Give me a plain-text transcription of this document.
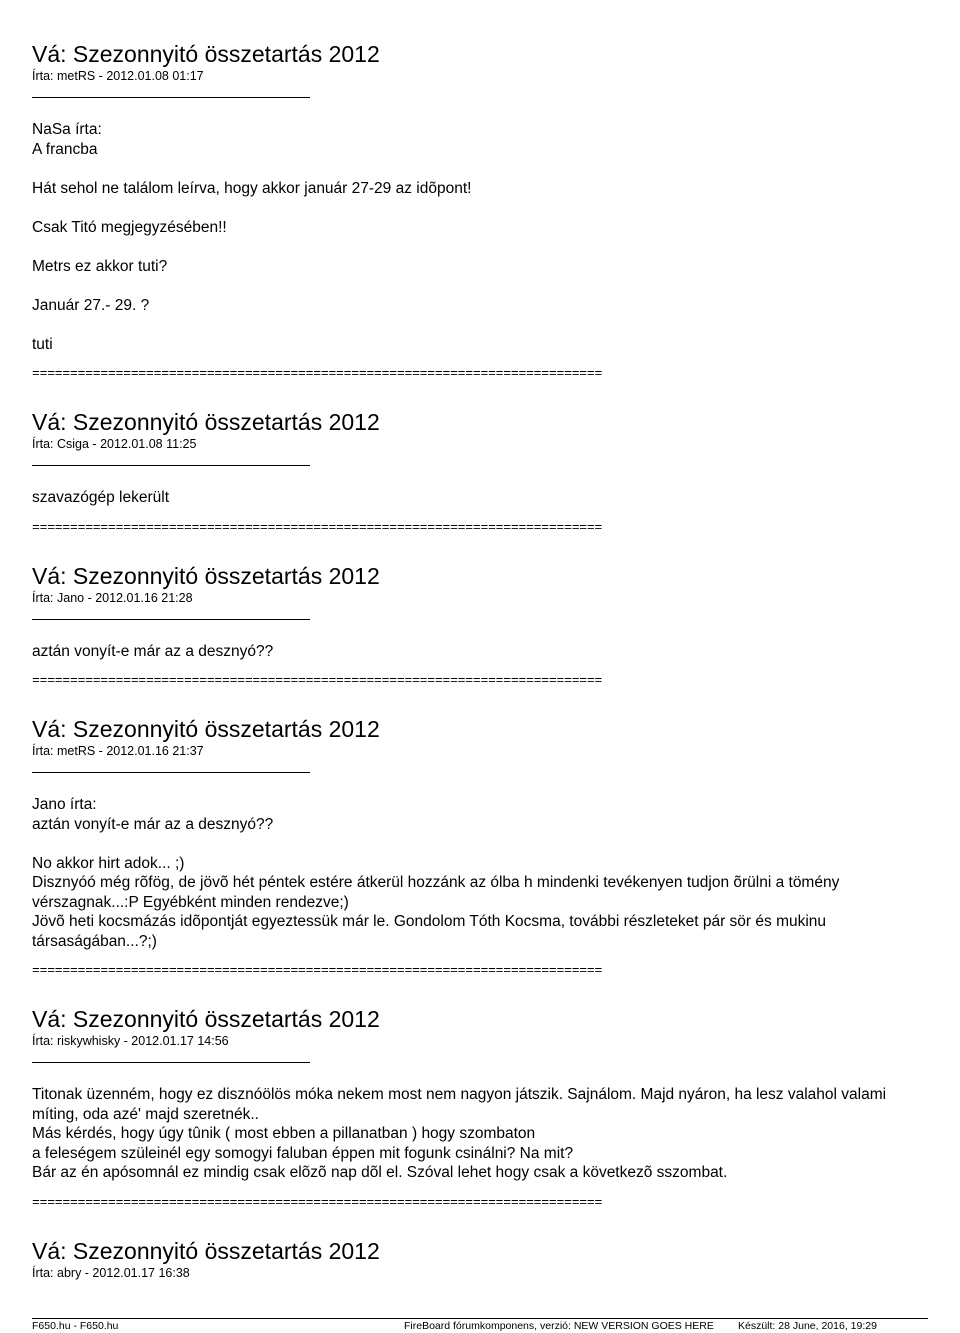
Vá: Szezonnyitó összetartás 2012
Írta: metRS - 2012.01.08 01:17

NaSa írta:

A francba

Hát sehol ne találom leírva, hogy akkor január 27-29 az idõpont!

Csak Titó megjegyzésében!!

Metrs ez akkor tuti?

Január 27.- 29. ?

tuti

===========================================================================
Vá: Szezonnyitó összetartás 2012
Írta: Csiga - 2012.01.08 11:25

szavazógép lekerült

===========================================================================
Vá: Szezonnyitó összetartás 2012
Írta: Jano - 2012.01.16 21:28

aztán vonyít-e már az a desznyó??

===========================================================================
Vá: Szezonnyitó összetartás 2012
Írta: metRS - 2012.01.16 21:37

Jano írta:

aztán vonyít-e már az a desznyó??

No akkor hirt adok... ;)

Disznyóó még rõfög, de jövõ hét péntek estére átkerül hozzánk az ólba h mindenki tevékenyen tudjon õrülni a tömény vérszagnak...:P Egyébként minden rendezve;)

Jövõ heti kocsmázás idõpontját egyeztessük már le. Gondolom Tóth Kocsma, további részleteket pár sör és mukinu társaságában...?;)

===========================================================================
Vá: Szezonnyitó összetartás 2012
Írta: riskywhisky - 2012.01.17 14:56

Titonak üzenném, hogy ez disznóölös móka nekem most nem nagyon játszik. Sajnálom. Majd nyáron, ha lesz valahol valami míting, oda azé' majd szeretnék..

Más kérdés, hogy úgy tûnik ( most ebben a pillanatban ) hogy szombaton

a feleségem szüleinél egy somogyi faluban éppen mit fogunk csinálni? Na mit?

Bár az én apósomnál ez mindig csak elõzõ nap dõl el. Szóval lehet hogy csak a következõ sszombat.

===========================================================================
Vá: Szezonnyitó összetartás 2012
Írta: abry - 2012.01.17 16:38
F650.hu - F650.hu	FireBoard fórumkomponens, verzió: NEW VERSION GOES HERE Készült: 28 June, 2016, 19:29
